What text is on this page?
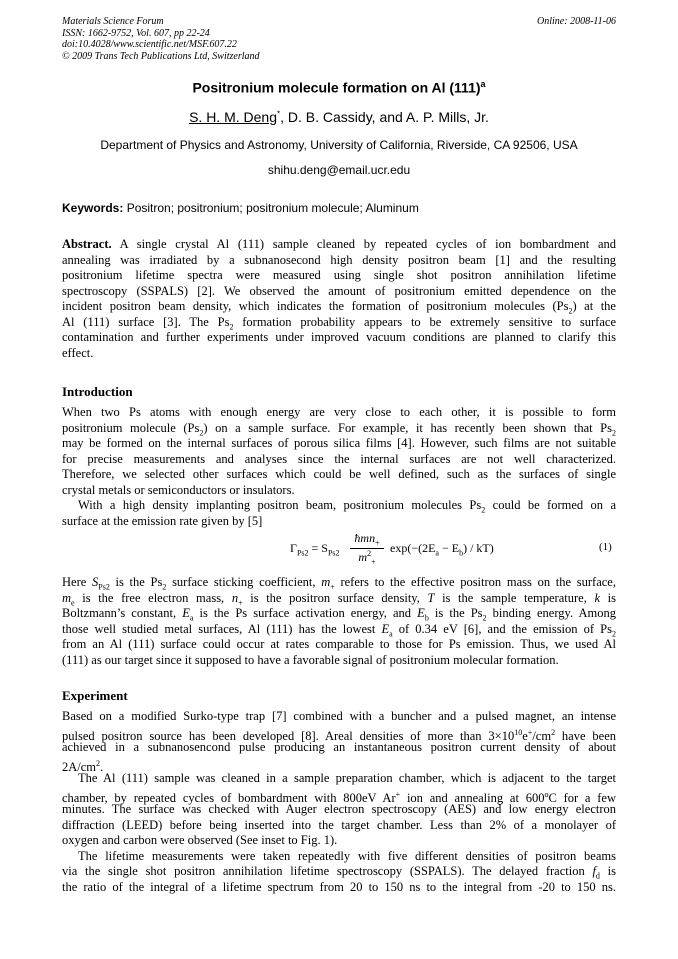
Materials Science Forum
ISSN: 1662-9752, Vol. 607, pp 22-24
doi:10.4028/www.scientific.net/MSF.607.22
© 2009 Trans Tech Publications Ltd, Switzerland
Online: 2008-11-06
Positronium molecule formation on Al $(111)^a$
S. H. M. Deng*, D. B. Cassidy, and A. P. Mills, Jr.
Department of Physics and Astronomy, University of California, Riverside, CA 92506, USA
shihu.deng@email.ucr.edu
Keywords: Positron; positronium; positronium molecule; Aluminum
Abstract. A single crystal Al (111) sample cleaned by repeated cycles of ion bombardment and
annealing was irradiated by a subnanosecond high density positron beam [1] and the resulting
positronium lifetime spectra were measured using single shot positron annihilation lifetime
spectroscopy (SSPALS) [2]. We observed the amount of positronium emitted dependence on the
incident positron beam density, which indicates the formation of positronium molecules $(Ps_2)$ at the
Al (111) surface [3]. The $Ps_2$ formation probability appears to be extremely sensitive to surface
contamination and further experiments under improved vacuum conditions are planned to clarify this
effect.
Introduction
When two Ps atoms with enough energy are very close to each other, it is possible to form
positronium molecule $(Ps_2)$ on a sample surface. For example, it has recently been shown that $Ps_2$
may be formed on the internal surfaces of porous silica films [4]. However, such films are not suitable
for precise measurements and analyses since the internal surfaces are not well characterized.
Therefore, we selected other surfaces which could be well defined, such as the surfaces of single
crystal metals or semiconductors or insulators.
With a high density implanting positron beam, positronium molecules $Ps_2$ could be formed on a
surface at the emission rate given by [5]
$\Gamma_{Ps2} = S_{Ps2}$
ħmn$_+$
$m^2_+$
$\exp(-(2E_a - E_b) / kT)$	(1)
Here $S_{Ps2}$ is the $Ps_2$ surface sticking coefficient, $m_+$ refers to the effective positron mass on the surface,
$m_e$ is the free electron mass, $n_+$ is the positron surface density, T is the sample temperature, k is
Boltzmann’s constant, $E_a$ is the Ps surface activation energy, and $E_b$ is the $Ps_2$ binding energy. Among
those well studied metal surfaces, Al (111) has the lowest $E_a$ of 0.34 eV [6], and the emission of $Ps_2$
from an Al (111) surface could occur at rates comparable to those for Ps emission. Thus, we used Al
(111) as our target since it supposed to have a favorable signal of positronium molecular formation.
Experiment
Based on a modified Surko-type trap [7] combined with a buncher and a pulsed magnet, an intense
pulsed positron source has been developed [8]. Areal densities of more than $3\times 10^{10}e^+/cm^2$ have been
achieved in a subnanosencond pulse producing an instantaneous positron current density of about
$2A/cm^2$.
The Al (111) sample was cleaned in a sample preparation chamber, which is adjacent to the target
chamber, by repeated cycles of bombardment with 800eV Ar+ ion and annealing at 600$^o$C for a few
minutes. The surface was checked with Auger electron spectroscopy (AES) and low energy electron
diffraction (LEED) before being inserted into the target chamber. Less than 2% of a monolayer of
oxygen and carbon were observed (See inset to Fig. 1).
The lifetime measurements were taken repeatedly with five different densities of positron beams
via the single shot positron annihilation lifetime spectroscopy (SSPALS). The delayed fraction $f_d$ is
the ratio of the integral of a lifetime spectrum from 20 to 150 ns to the integral from -20 to 150 ns.
